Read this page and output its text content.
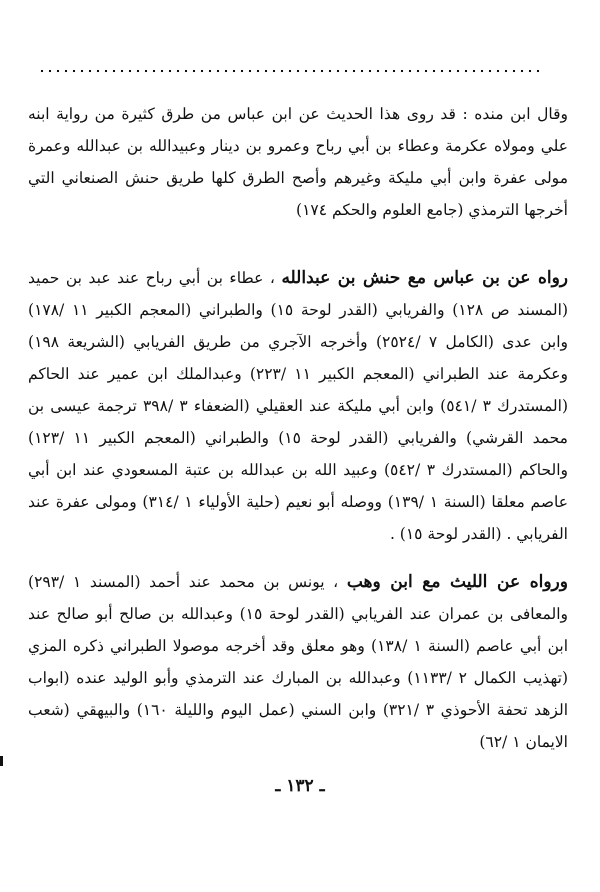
وقال ابن منده : قد روى هذا الحديث عن ابن عباس من طرق كثيرة من رواية ابنه علي ومولاه عكرمة وعطاء بن أبي رباح وعمرو بن دينار وعبيدالله بن عبدالله وعمرة مولى عفرة وابن أبي مليكة وغيرهم وأصح الطرق كلها طريق حنش الصنعاني التي أخرجها الترمذي (جامع العلوم والحكم ١٧٤)
رواه عن بن عباس مع حنش بن عبدالله ، عطاء بن أبي رباح عند عبد بن حميد (المسند ص ١٢٨) والفريابي (القدر لوحة ١٥) والطبراني (المعجم الكبير ١١ /١٧٨) وابن عدى (الكامل ٧ /٢٥٢٤) وأخرجه الآجري من طريق الفريابي (الشريعة ١٩٨) وعكرمة عند الطبراني (المعجم الكبير ١١ /٢٢٣) وعبدالملك ابن عمير عند الحاكم (المستدرك ٣ /٥٤١) وابن أبي مليكة عند العقيلي (الضعفاء ٣ /٣٩٨ ترجمة عيسى بن محمد القرشي) والفريابي (القدر لوحة ١٥) والطبراني (المعجم الكبير ١١ /١٢٣) والحاكم (المستدرك ٣ /٥٤٢) وعبيد الله بن عبدالله بن عتبة المسعودي عند ابن أبي عاصم معلقا (السنة ١ /١٣٩) ووصله أبو نعيم (حلية الأولياء ١ /٣١٤) ومولى عفرة عند الفريابي . (القدر لوحة ١٥) .
ورواه عن الليث مع ابن وهب ، يونس بن محمد عند أحمد (المسند ١ /٢٩٣) والمعافى بن عمران عند الفريابي (القدر لوحة ١٥) وعبدالله بن صالح أبو صالح عند ابن أبي عاصم (السنة ١ /١٣٨) وهو معلق وقد أخرجه موصولا الطبراني ذكره المزي (تهذيب الكمال ٢ /١١٣٣) وعبدالله بن المبارك عند الترمذي وأبو الوليد عنده (ابواب الزهد تحفة الأحوذي ٣ /٣٢١) وابن السني (عمل اليوم والليلة ١٦٠) والبيهقي (شعب الايمان ١ /٦٢)
ـ ١٣٢ ـ
